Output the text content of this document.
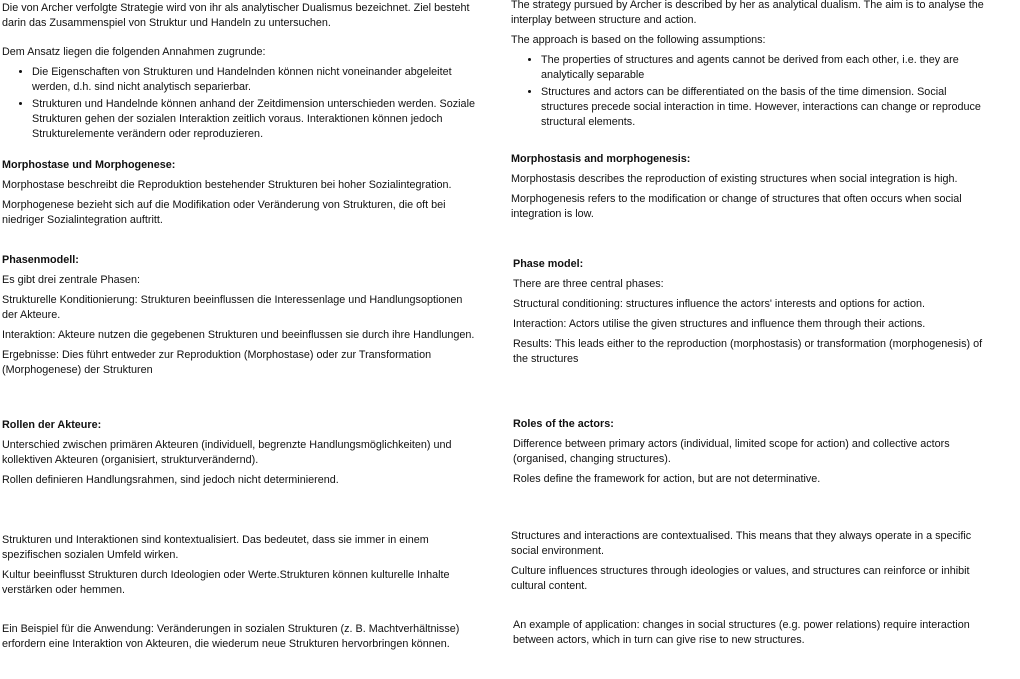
Die von Archer verfolgte Strategie wird von ihr als analytischer Dualismus bezeichnet. Ziel besteht darin das Zusammenspiel von Struktur und Handeln zu untersuchen.

Dem Ansatz liegen die folgenden Annahmen zugrunde:

• Die Eigenschaften von Strukturen und Handelnden können nicht voneinander abgeleitet werden, d.h. sind nicht analytisch separierbar.
• Strukturen und Handelnde können anhand der Zeitdimension unterschieden werden. Soziale Strukturen gehen der sozialen Interaktion zeitlich voraus. Interaktionen können jedoch Strukturelemente verändern oder reproduzieren.
Morphostase und Morphogenese:

Morphostase beschreibt die Reproduktion bestehender Strukturen bei hoher Sozialintegration.

Morphogenese bezieht sich auf die Modifikation oder Veränderung von Strukturen, die oft bei niedriger Sozialintegration auftritt.

Phasenmodell:

Es gibt drei zentrale Phasen:

Strukturelle Konditionierung: Strukturen beeinflussen die Interessenlage und Handlungsoptionen der Akteure.

Interaktion: Akteure nutzen die gegebenen Strukturen und beeinflussen sie durch ihre Handlungen.

Ergebnisse: Dies führt entweder zur Reproduktion (Morphostase) oder zur Transformation (Morphogenese) der Strukturen

Rollen der Akteure:

Unterschied zwischen primären Akteuren (individuell, begrenzte Handlungsmöglichkeiten) und kollektiven Akteuren (organisiert, strukturverändernd).

Rollen definieren Handlungsrahmen, sind jedoch nicht determinierend.

Strukturen und Interaktionen sind kontextualisiert. Das bedeutet, dass sie immer in einem spezifischen sozialen Umfeld wirken.

Kultur beeinflusst Strukturen durch Ideologien oder Werte.Strukturen können kulturelle Inhalte verstärken oder hemmen.

Ein Beispiel für die Anwendung: Veränderungen in sozialen Strukturen (z. B. Machtverhältnisse) erfordern eine Interaktion von Akteuren, die wiederum neue Strukturen hervorbringen können.

The strategy pursued by Archer is described by her as analytical dualism. The aim is to analyse the interplay between structure and action.

The approach is based on the following assumptions:

• The properties of structures and agents cannot be derived from each other, i.e. they are analytically separable
• Structures and actors can be differentiated on the basis of the time dimension. Social structures precede social interaction in time. However, interactions can change or reproduce structural elements.
Morphostasis and morphogenesis:

Morphostasis describes the reproduction of existing structures when social integration is high.

Morphogenesis refers to the modification or change of structures that often occurs when social integration is low.

Phase model:

There are three central phases:

Structural conditioning: structures influence the actors' interests and options for action.

Interaction: Actors utilise the given structures and influence them through their actions.

Results: This leads either to the reproduction (morphostasis) or transformation (morphogenesis) of the structures

Roles of the actors:

Difference between primary actors (individual, limited scope for action) and collective actors (organised, changing structures).

Roles define the framework for action, but are not determinative.

Structures and interactions are contextualised. This means that they always operate in a specific social environment.

Culture influences structures through ideologies or values, and structures can reinforce or inhibit cultural content.

An example of application: changes in social structures (e.g. power relations) require interaction between actors, which in turn can give rise to new structures.
